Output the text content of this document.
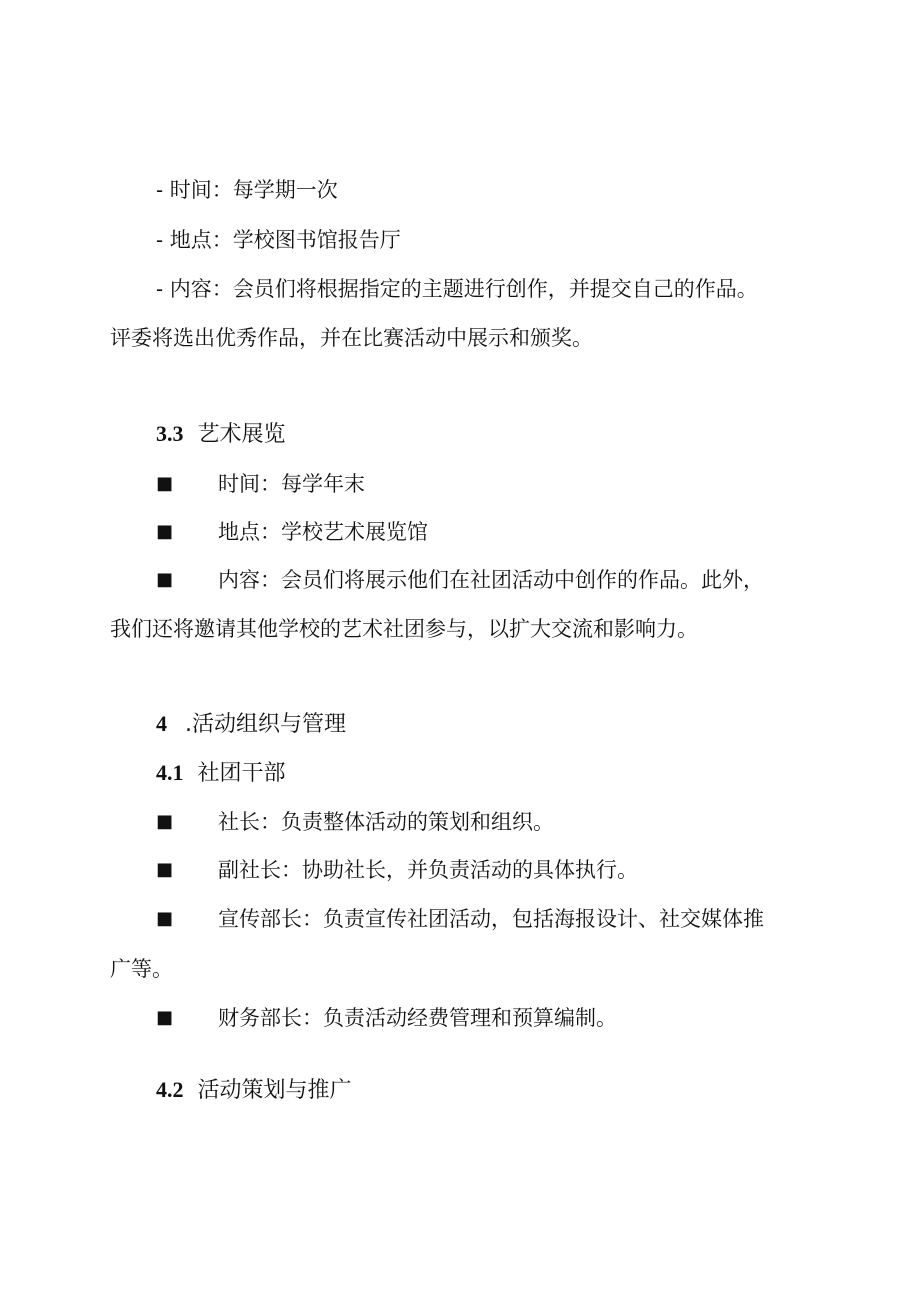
- 时间：每学期一次
- 地点：学校图书馆报告厅
- 内容：会员们将根据指定的主题进行创作，并提交自己的作品。
评委将选出优秀作品，并在比赛活动中展示和颁奖。
3.3 艺术展览
■ 时间：每学年末
■ 地点：学校艺术展览馆
■ 内容：会员们将展示他们在社团活动中创作的作品。此外，
我们还将邀请其他学校的艺术社团参与，以扩大交流和影响力。
4 .活动组织与管理
4.1 社团干部
■ 社长：负责整体活动的策划和组织。
■ 副社长：协助社长，并负责活动的具体执行。
■ 宣传部长：负责宣传社团活动，包括海报设计、社交媒体推
广等。
■ 财务部长：负责活动经费管理和预算编制。
4.2 活动策划与推广
